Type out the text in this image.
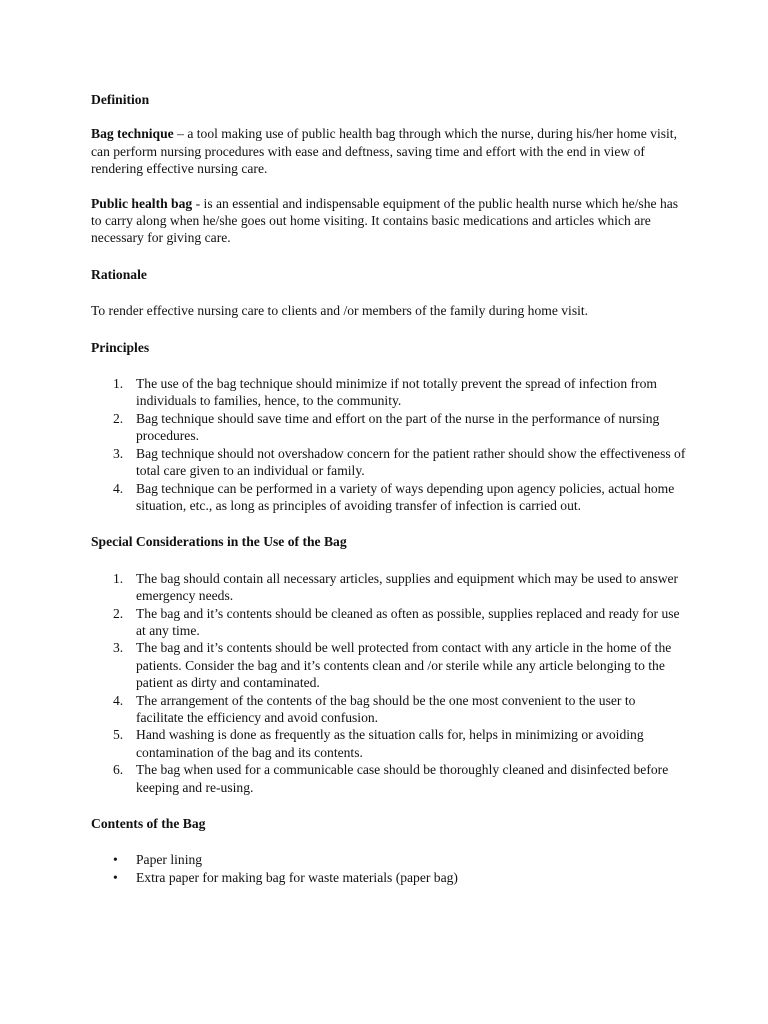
Definition

Bag technique – a tool making use of public health bag through which the nurse, during his/her home visit, can perform nursing procedures with ease and deftness, saving time and effort with the end in view of rendering effective nursing care.

Public health bag - is an essential and indispensable equipment of the public health nurse which he/she has to carry along when he/she goes out home visiting. It contains basic medications and articles which are necessary for giving care.

Rationale

To render effective nursing care to clients and /or members of the family during home visit.

Principles

1. The use of the bag technique should minimize if not totally prevent the spread of infection from individuals to families, hence, to the community.
2. Bag technique should save time and effort on the part of the nurse in the performance of nursing procedures.
3. Bag technique should not overshadow concern for the patient rather should show the effectiveness of total care given to an individual or family.
4. Bag technique can be performed in a variety of ways depending upon agency policies, actual home situation, etc., as long as principles of avoiding transfer of infection is carried out.

Special Considerations in the Use of the Bag

1. The bag should contain all necessary articles, supplies and equipment which may be used to answer emergency needs.
2. The bag and it’s contents should be cleaned as often as possible, supplies replaced and ready for use at any time.
3. The bag and it’s contents should be well protected from contact with any article in the home of the patients. Consider the bag and it’s contents clean and /or sterile while any article belonging to the patient as dirty and contaminated.
4. The arrangement of the contents of the bag should be the one most convenient to the user to facilitate the efficiency and avoid confusion.
5. Hand washing is done as frequently as the situation calls for, helps in minimizing or avoiding contamination of the bag and its contents.
6. The bag when used for a communicable case should be thoroughly cleaned and disinfected before keeping and re-using.

Contents of the Bag

• Paper lining
• Extra paper for making bag for waste materials (paper bag)
